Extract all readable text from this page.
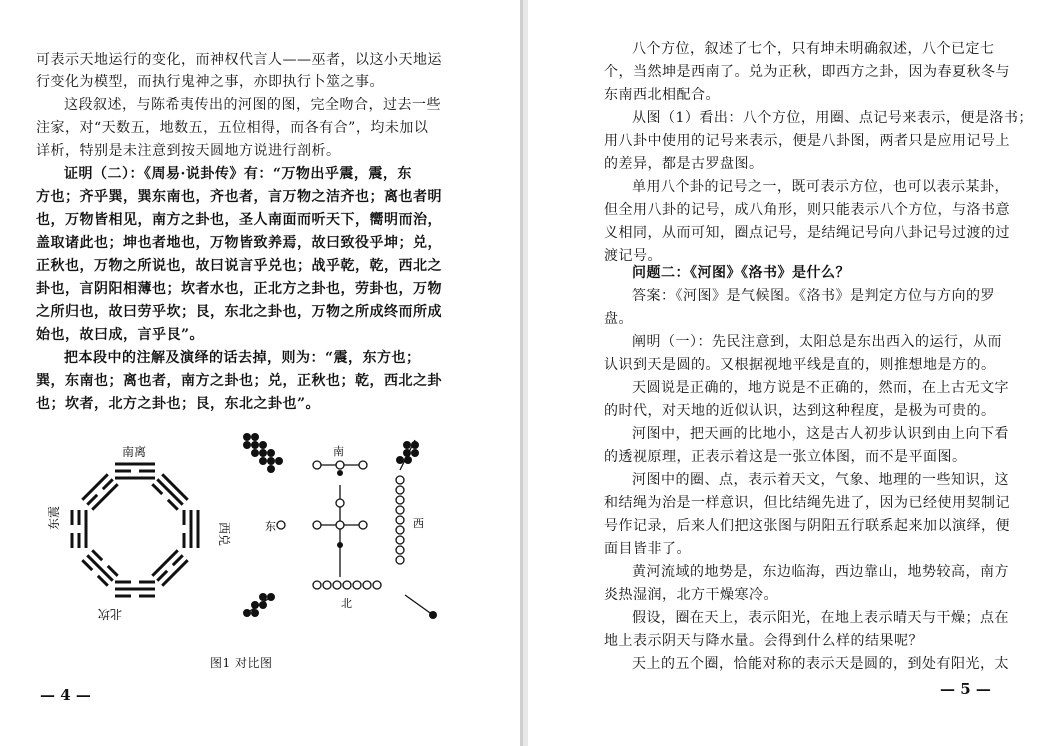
可表示天地运行的变化，而神权代言人——巫者，以这小天地运
行变化为模型，而执行鬼神之事，亦即执行卜筮之事。
这段叙述，与陈希夷传出的河图的图，完全吻合，过去一些
注家，对“天数五，地数五，五位相得，而各有合”，均未加以
详析，特别是未注意到按天圆地方说进行剖析。
证明（二）：《周易·说卦传》有：“万物出乎震，震，东
方也；齐乎巽，巽东南也，齐也者，言万物之洁齐也；离也者明
也，万物皆相见，南方之卦也，圣人南面而听天下，嚮明而治，
盖取诸此也；坤也者地也，万物皆致养焉，故曰致役乎坤；兑，
正秋也，万物之所说也，故曰说言乎兑也；战乎乾，乾，西北之
卦也，言阴阳相薄也；坎者水也，正北方之卦也，劳卦也，万物
之所归也，故曰劳乎坎；艮，东北之卦也，万物之所成终而所成
始也，故曰成，言乎艮”。
把本段中的注解及演绎的话去掉，则为：“震，东方也；
巽，东南也；离也者，南方之卦也；兑，正秋也；乾，西北之卦
也；坎者，北方之卦也；艮，东北之卦也”。
南离
东震
西兑
北坎
南
东	西
北
图1 对比图
— 4 —
八个方位，叙述了七个，只有坤未明确叙述，八个已定七
个，当然坤是西南了。兑为正秋，即西方之卦，因为春夏秋冬与
东南西北相配合。
从图（1）看出：八个方位，用圈、点记号来表示，便是洛书；
用八卦中使用的记号来表示，便是八卦图，两者只是应用记号上
的差异，都是古罗盘图。
单用八个卦的记号之一，既可表示方位，也可以表示某卦，
但全用八卦的记号，成八角形，则只能表示八个方位，与洛书意
义相同，从而可知，圈点记号，是结绳记号向八卦记号过渡的过
渡记号。
问题二：《河图》《洛书》是什么？
答案：《河图》是气候图。《洛书》是判定方位与方向的罗
盘。
阐明（一）：先民注意到，太阳总是东出西入的运行，从而
认识到天是圆的。又根据视地平线是直的，则推想地是方的。
天圆说是正确的，地方说是不正确的，然而，在上古无文字
的时代，对天地的近似认识，达到这种程度，是极为可贵的。
河图中，把天画的比地小，这是古人初步认识到由上向下看
的透视原理，正表示着这是一张立体图，而不是平面图。
河图中的圈、点，表示着天文，气象、地理的一些知识，这
和结绳为治是一样意识，但比结绳先进了，因为已经使用契制记
号作记录，后来人们把这张图与阴阳五行联系起来加以演绎，便
面目皆非了。
黄河流域的地势是，东边临海，西边靠山，地势较高，南方
炎热湿润，北方干燥寒冷。
假设，圈在天上，表示阳光，在地上表示晴天与干燥；点在
地上表示阴天与降水量。会得到什么样的结果呢？
天上的五个圈，恰能对称的表示天是圆的，到处有阳光，太
— 5 —
